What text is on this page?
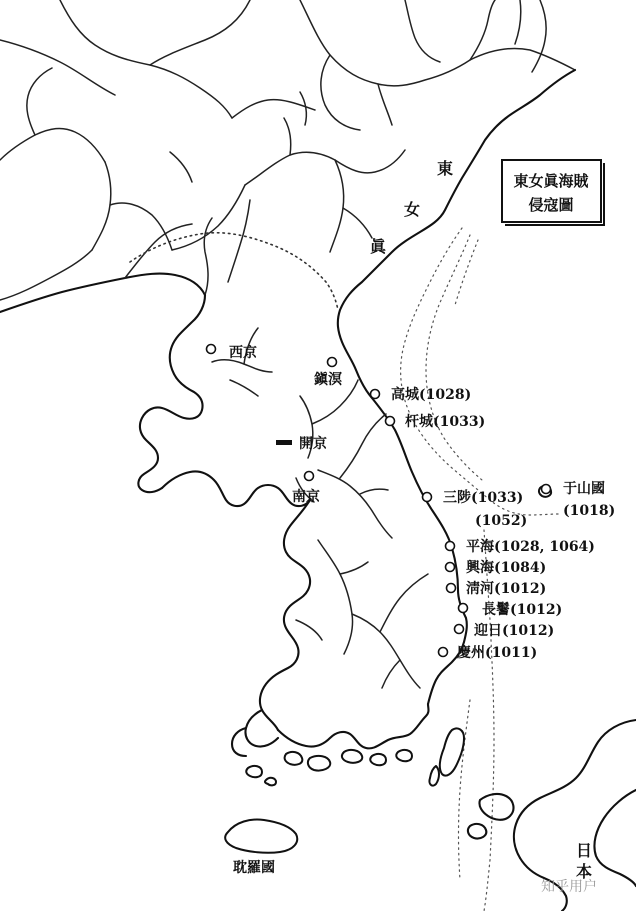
東女眞海賊
侵寇圖
東
女
眞
日
本
耽羅國
西京
鎭溟
高城(1028)
杆城(1033)
開京
南京	三陟(1033)
(1052)
于山國
(1018)
平海(1028, 1064)
興海(1084)
淸河(1012)
長鬐(1012)
迎日(1012)
慶州(1011)
知乎用户
